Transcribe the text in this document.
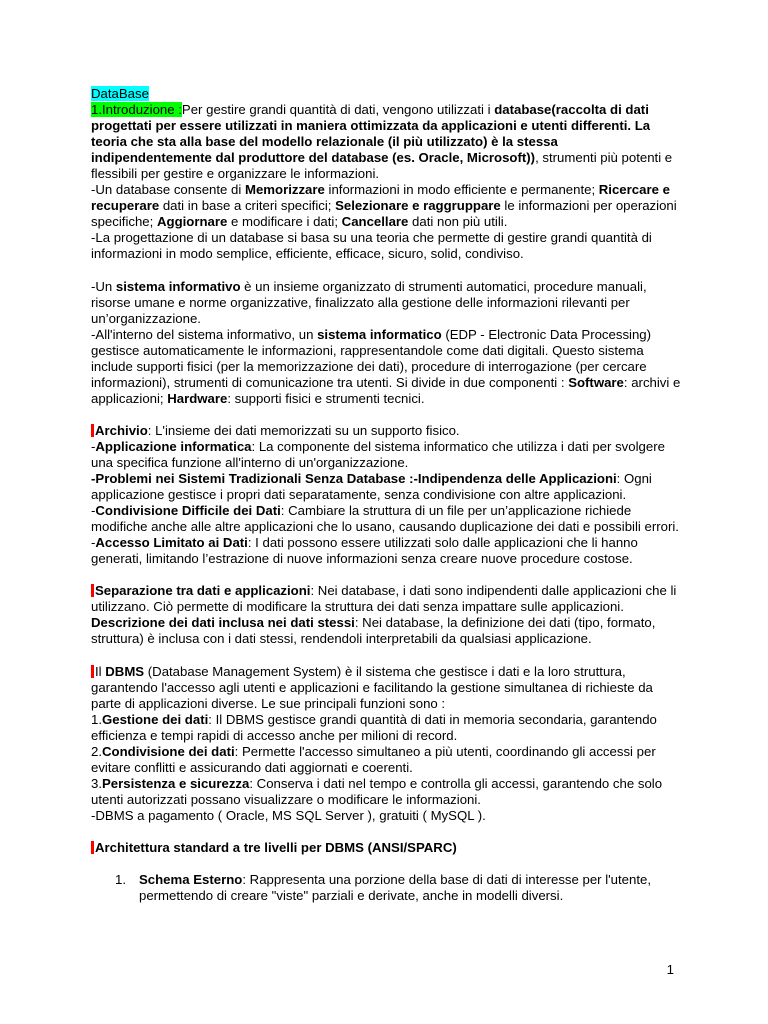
DataBase

1.Introduzione :Per gestire grandi quantità di dati, vengono utilizzati i database(raccolta di dati progettati per essere utilizzati in maniera ottimizzata da applicazioni e utenti differenti. La teoria che sta alla base del modello relazionale (il più utilizzato) è la stessa indipendentemente dal produttore del database (es. Oracle, Microsoft)), strumenti più potenti e flessibili per gestire e organizzare le informazioni.

-Un database consente di Memorizzare informazioni in modo efficiente e permanente; Ricercare e recuperare dati in base a criteri specifici; Selezionare e raggruppare le informazioni per operazioni specifiche; Aggiornare e modificare i dati; Cancellare dati non più utili.

-La progettazione di un database si basa su una teoria che permette di gestire grandi quantità di informazioni in modo semplice, efficiente, efficace, sicuro, solid, condiviso.

-Un sistema informativo è un insieme organizzato di strumenti automatici, procedure manuali, risorse umane e norme organizzative, finalizzato alla gestione delle informazioni rilevanti per un’organizzazione.

-All'interno del sistema informativo, un sistema informatico (EDP - Electronic Data Processing) gestisce automaticamente le informazioni, rappresentandole come dati digitali. Questo sistema include supporti fisici (per la memorizzazione dei dati), procedure di interrogazione (per cercare informazioni), strumenti di comunicazione tra utenti. Si divide in due componenti : Software: archivi e applicazioni; Hardware: supporti fisici e strumenti tecnici.

Archivio: L'insieme dei dati memorizzati su un supporto fisico.

-Applicazione informatica: La componente del sistema informatico che utilizza i dati per svolgere una specifica funzione all'interno di un'organizzazione.

-Problemi nei Sistemi Tradizionali Senza Database :-Indipendenza delle Applicazioni: Ogni applicazione gestisce i propri dati separatamente, senza condivisione con altre applicazioni.

-Condivisione Difficile dei Dati: Cambiare la struttura di un file per un’applicazione richiede modifiche anche alle altre applicazioni che lo usano, causando duplicazione dei dati e possibili errori.

-Accesso Limitato ai Dati: I dati possono essere utilizzati solo dalle applicazioni che li hanno generati, limitando l’estrazione di nuove informazioni senza creare nuove procedure costose.

Separazione tra dati e applicazioni: Nei database, i dati sono indipendenti dalle applicazioni che li utilizzano. Ciò permette di modificare la struttura dei dati senza impattare sulle applicazioni.

Descrizione dei dati inclusa nei dati stessi: Nei database, la definizione dei dati (tipo, formato, struttura) è inclusa con i dati stessi, rendendoli interpretabili da qualsiasi applicazione.

Il DBMS (Database Management System) è il sistema che gestisce i dati e la loro struttura, garantendo l'accesso agli utenti e applicazioni e facilitando la gestione simultanea di richieste da parte di applicazioni diverse. Le sue principali funzioni sono :

1.Gestione dei dati: Il DBMS gestisce grandi quantità di dati in memoria secondaria, garantendo efficienza e tempi rapidi di accesso anche per milioni di record.

2.Condivisione dei dati: Permette l'accesso simultaneo a più utenti, coordinando gli accessi per evitare conflitti e assicurando dati aggiornati e coerenti.

3.Persistenza e sicurezza: Conserva i dati nel tempo e controlla gli accessi, garantendo che solo utenti autorizzati possano visualizzare o modificare le informazioni.

-DBMS a pagamento ( Oracle, MS SQL Server ), gratuiti ( MySQL ).

Architettura standard a tre livelli per DBMS (ANSI/SPARC)

1. Schema Esterno: Rappresenta una porzione della base di dati di interesse per l'utente, permettendo di creare "viste" parziali e derivate, anche in modelli diversi.
1
